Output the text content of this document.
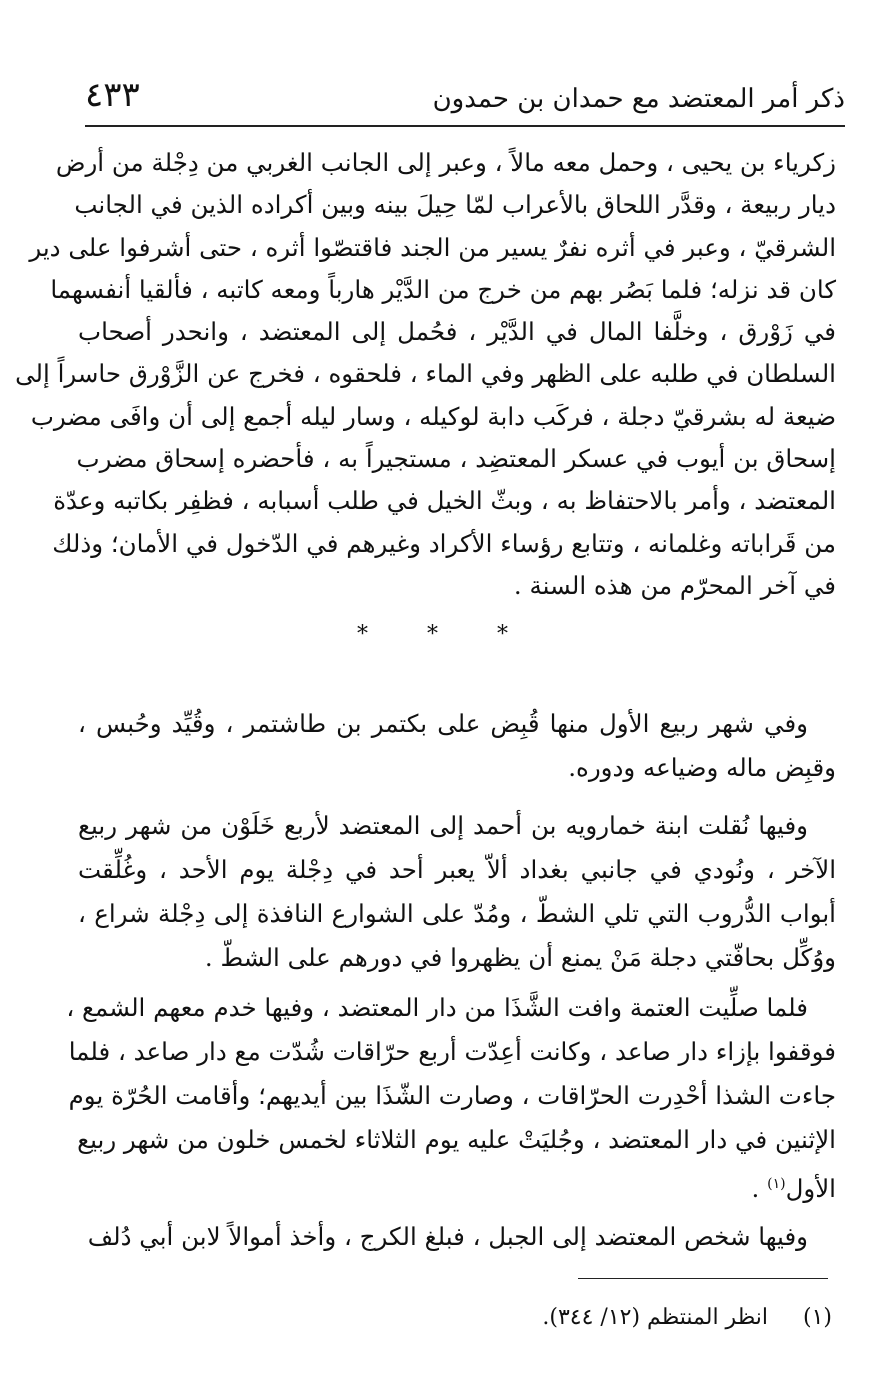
ذكر أمر المعتضد مع حمدان بن حمدون
٤٣٣
زكرياء بن يحيى ، وحمل معه مالاً ، وعبر إلى الجانب الغربي من دِجْلة من أرض
ديار ربيعة ، وقدَّر اللحاق بالأعراب لمّا حِيلَ بينه وبين أكراده الذين في الجانب
الشرقيّ ، وعبر في أثره نفرٌ يسير من الجند فاقتصّوا أثره ، حتى أشرفوا على دير
كان قد نزله؛ فلما بَصُر بهم من خرج من الدَّيْر هارباً ومعه كاتبه ، فألقيا أنفسهما
في زَوْرق ، وخلَّفا المال في الدَّيْر ، فحُمل إلى المعتضد ، وانحدر أصحاب
السلطان في طلبه على الظهر وفي الماء ، فلحقوه ، فخرج عن الزَّوْرق حاسراً إلى
ضيعة له بشرقيّ دجلة ، فركَب دابة لوكيله ، وسار ليله أجمع إلى أن وافَى مضرب
إسحاق بن أيوب في عسكر المعتضِد ، مستجيراً به ، فأحضره إسحاق مضرب
المعتضد ، وأمر بالاحتفاظ به ، وبثّ الخيل في طلب أسبابه ، فظفِر بكاتبه وعدّة
من قَراباته وغلمانه ، وتتابع رؤساء الأكراد وغيرهم في الدّخول في الأمان؛ وذلك
في آخر المحرّم من هذه السنة .
* * *
وفي شهر ربيع الأول منها قُبِض على بكتمر بن طاشتمر ، وقُيِّد وحُبس ،
وقبِض ماله وضياعه ودوره.
وفيها نُقلت ابنة خمارويه بن أحمد إلى المعتضد لأربع خَلَوْن من شهر ربيع
الآخر ، ونُودي في جانبي بغداد ألاّ يعبر أحد في دِجْلة يوم الأحد ، وغُلِّقت
أبواب الدُّروب التي تلي الشطّ ، ومُدّ على الشوارع النافذة إلى دِجْلة شراع ،
ووُكِّل بحافّتي دجلة مَنْ يمنع أن يظهروا في دورهم على الشطّ .
فلما صلِّيت العتمة وافت الشَّذَا من دار المعتضد ، وفيها خدم معهم الشمع ،
فوقفوا بإزاء دار صاعد ، وكانت أعِدّت أربع حرّاقات شُدّت مع دار صاعد ، فلما
جاءت الشذا أحْدِرت الحرّاقات ، وصارت الشّذَا بين أيديهم؛ وأقامت الحُرّة يوم
الإثنين في دار المعتضد ، وجُليَتْ عليه يوم الثلاثاء لخمس خلون من شهر ربيع
الأول$^{(١)}$ .
وفيها شخص المعتضد إلى الجبل ، فبلغ الكرج ، وأخذ أموالاً لابن أبي دُلف
(١) انظر المنتظم (١٢/ ٣٤٤).
